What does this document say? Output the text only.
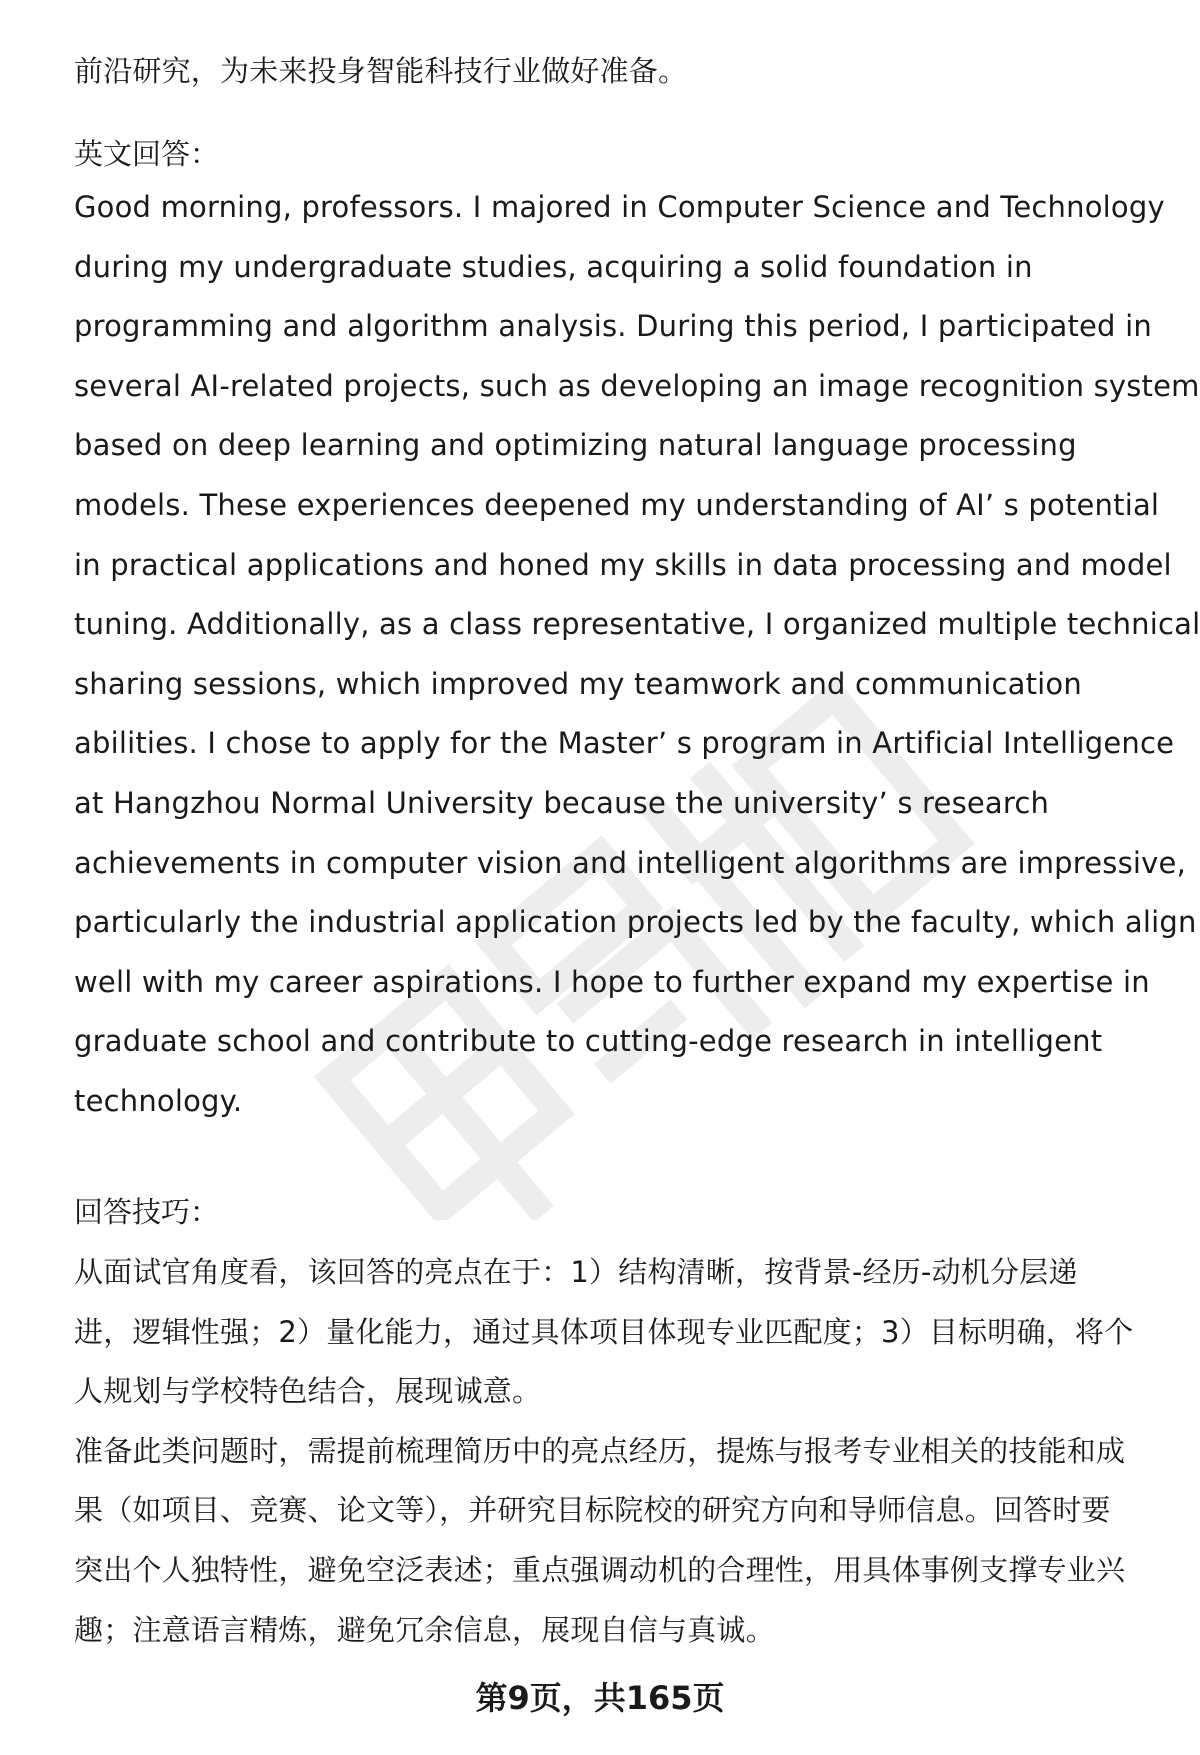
前沿研究，为未来投身智能科技行业做好准备。

英文回答：

Good morning, professors. I majored in Computer Science and Technology
during my undergraduate studies, acquiring a solid foundation in
programming and algorithm analysis. During this period, I participated in
several AI-related projects, such as developing an image recognition system
based on deep learning and optimizing natural language processing
models. These experiences deepened my understanding of AI’ s potential
in practical applications and honed my skills in data processing and model
tuning. Additionally, as a class representative, I organized multiple technical
sharing sessions, which improved my teamwork and communication
abilities. I chose to apply for the Master’ s program in Artificial Intelligence
at Hangzhou Normal University because the university’ s research
achievements in computer vision and intelligent algorithms are impressive,
particularly the industrial application projects led by the faculty, which align
well with my career aspirations. I hope to further expand my expertise in
graduate school and contribute to cutting-edge research in intelligent
technology.

回答技巧：

从面试官角度看，该回答的亮点在于：1）结构清晰，按背景-经历-动机分层递
进，逻辑性强；2）量化能力，通过具体项目体现专业匹配度；3）目标明确，将个
人规划与学校特色结合，展现诚意。
准备此类问题时，需提前梳理简历中的亮点经历，提炼与报考专业相关的技能和成
果（如项目、竞赛、论文等），并研究目标院校的研究方向和导师信息。回答时要
突出个人独特性，避免空泛表述；重点强调动机的合理性，用具体事例支撑专业兴
趣；注意语言精炼，避免冗余信息，展现自信与真诚。

第9页，共165页
